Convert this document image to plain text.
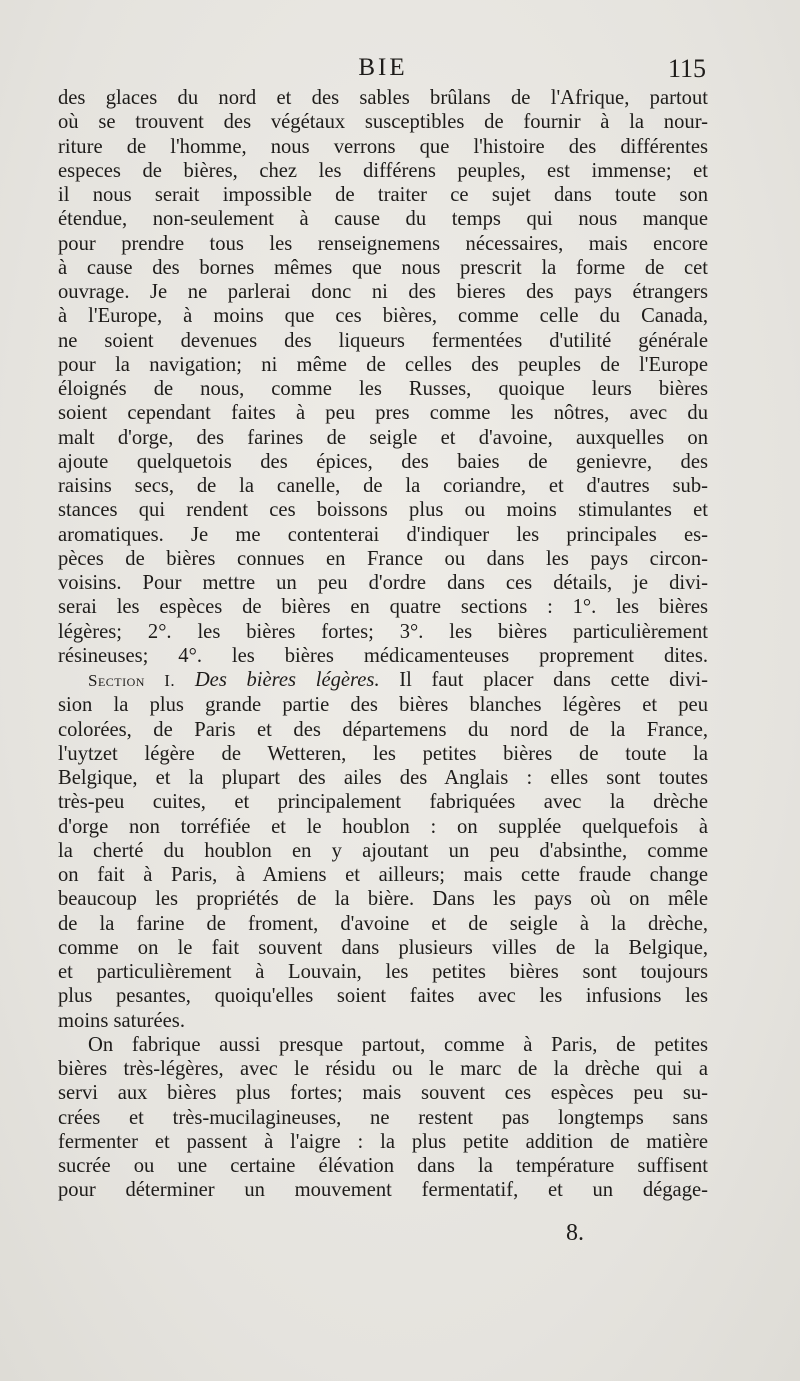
BIE	115
des glaces du nord et des sables brûlans de l'Afrique, partout
où se trouvent des végétaux susceptibles de fournir à la nour-
riture de l'homme, nous verrons que l'histoire des différentes
especes de bières, chez les différens peuples, est immense; et
il nous serait impossible de traiter ce sujet dans toute son
étendue, non-seulement à cause du temps qui nous manque
pour prendre tous les renseignemens nécessaires, mais encore
à cause des bornes mêmes que nous prescrit la forme de cet
ouvrage. Je ne parlerai donc ni des bieres des pays étrangers
à l'Europe, à moins que ces bières, comme celle du Canada,
ne soient devenues des liqueurs fermentées d'utilité générale
pour la navigation; ni même de celles des peuples de l'Europe
éloignés de nous, comme les Russes, quoique leurs bières
soient cependant faites à peu pres comme les nôtres, avec du
malt d'orge, des farines de seigle et d'avoine, auxquelles on
ajoute quelquetois des épices, des baies de genievre, des
raisins secs, de la canelle, de la coriandre, et d'autres sub-
stances qui rendent ces boissons plus ou moins stimulantes et
aromatiques. Je me contenterai d'indiquer les principales es-
pèces de bières connues en France ou dans les pays circon-
voisins. Pour mettre un peu d'ordre dans ces détails, je divi-
serai les espèces de bières en quatre sections : 1°. les bières
légères; 2°. les bières fortes; 3°. les bières particulièrement
résineuses; 4°. les bières médicamenteuses proprement dites.
Section I. Des bières légères. Il faut placer dans cette divi-
sion la plus grande partie des bières blanches légères et peu
colorées, de Paris et des départemens du nord de la France,
l'uytzet légère de Wetteren, les petites bières de toute la
Belgique, et la plupart des ailes des Anglais : elles sont toutes
très-peu cuites, et principalement fabriquées avec la drèche
d'orge non torréfiée et le houblon : on supplée quelquefois à
la cherté du houblon en y ajoutant un peu d'absinthe, comme
on fait à Paris, à Amiens et ailleurs; mais cette fraude change
beaucoup les propriétés de la bière. Dans les pays où on mêle
de la farine de froment, d'avoine et de seigle à la drèche,
comme on le fait souvent dans plusieurs villes de la Belgique,
et particulièrement à Louvain, les petites bières sont toujours
plus pesantes, quoiqu'elles soient faites avec les infusions les
moins saturées.
On fabrique aussi presque partout, comme à Paris, de petites
bières très-légères, avec le résidu ou le marc de la drèche qui a
servi aux bières plus fortes; mais souvent ces espèces peu su-
crées et très-mucilagineuses, ne restent pas longtemps sans
fermenter et passent à l'aigre : la plus petite addition de matière
sucrée ou une certaine élévation dans la température suffisent
pour déterminer un mouvement fermentatif, et un dégage-
8.
